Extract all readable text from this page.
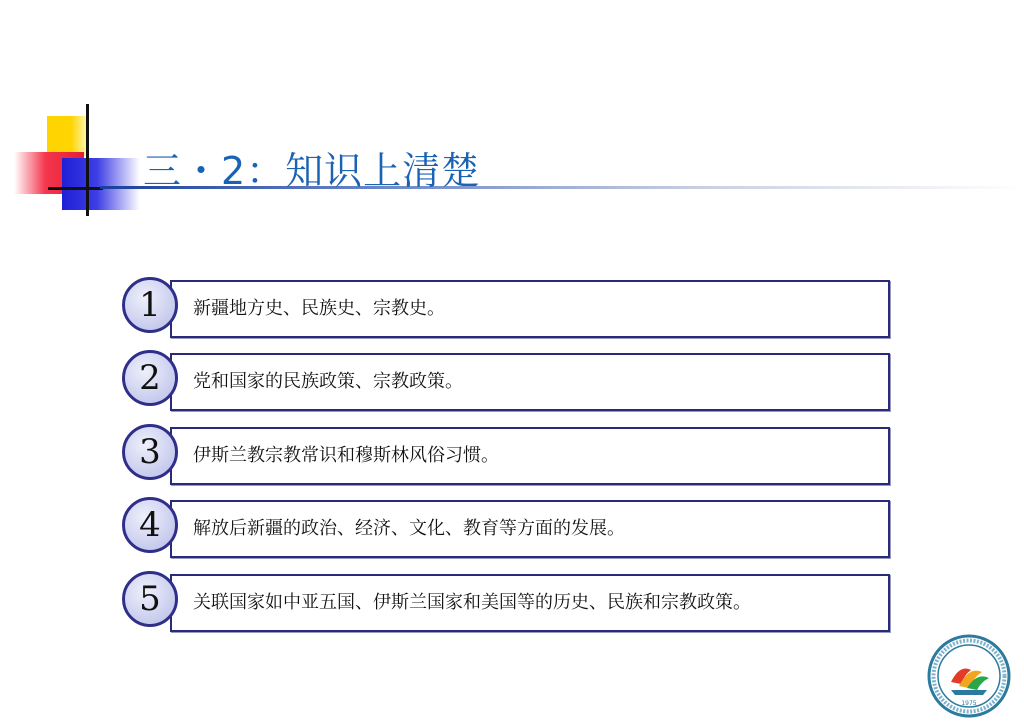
三・2：知识上清楚
新疆地方史、民族史、宗教史。
1
党和国家的民族政策、宗教政策。
2
伊斯兰教宗教常识和穆斯林风俗习惯。
3
解放后新疆的政治、经济、文化、教育等方面的发展。
4
关联国家如中亚五国、伊斯兰国家和美国等的历史、民族和宗教政策。
5
1975
